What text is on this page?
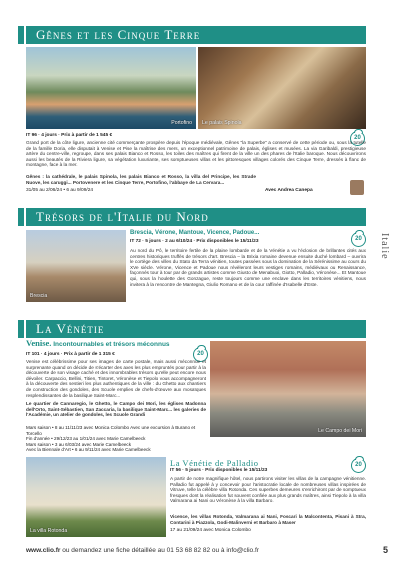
Italie
Gênes et les Cinque Terre
Portofino Le palais Spinola
IT 96 · 4 jours · Prix à partir de 1 545 €	20
Grand port de la côte ligure, ancienne cité commerçante prospère depuis l'époque médiévale, Gênes "la Superbe" a conservé de cette période ou, sous la tutelle de la famille Doria, elle disputait à Venise et Pise la maîtrise des mers, un exceptionnel patrimoine de palais, églises et musées. La via Garibaldi, prestigieuse artère du centre-ville, regroupe, dans ses palais Bianco et Rosso, les toiles des maîtres qui firent de la ville un des phares de l'Italie baroque. Nous découvrirons aussi les beautés de la Riviera ligure, sa végétation luxuriante, ses somptueuses villas et les pittoresques villages colorés des Cinque Terre, dressés à flanc de montagne, face à la mer.
Gênes : la cathédrale, le palais Spinola, les palais Bianco et Rosso, la villa del Principe, les Strade Nuove, les caruggi... Portovenere et les Cinque Terre, Portofino, l'abbaye de La Cervara...
31/05 au 2/06/24 • 6 au 9/09/24	Avec Andrea Canepa
Trésors de l'Italie du Nord
Brescia
Brescia, Vérone, Mantoue, Vicence, Padoue...
IT 72 · 5 jours · 2 au 6/10/24 · Prix disponibles le 15/11/23	20
Au nord du Pô, le territoire fertile de la plaine lombarde et de la Vénétie a vu l'éclosion de brillantes cités aux centres historiques truffés de trésors d'art. Brescia – la Brixia romaine devenue ensuite duché lombard – ouvrira le cortège des villes du Stato da Terra vénitien, toutes passées sous la domination de la Sérénissime au cours du XVe siècle. Vérone, Vicence et Padoue nous révèleront leurs vestiges romains, médiévaux ou Renaissance, façonnés tour à tour par de grands artistes comme Giusto de Menabuoi, Giotto, Palladio, Véronèse... Et Mantoue qui, sous la houlette des Gonzague, reste toujours comme une enclave dans les territoires vénitiens, nous invitera à la rencontre de Mantegna, Giulio Romano et de la cour raffinée d'Isabelle d'Este.
La Vénétie
Venise. Incontournables et trésors méconnus
IT 101 · 4 jours · Prix à partir de 1 315 €	20
Venise est célébrissime pour ses images de carte postale, mais aussi méconnue et surprenante quand on décide de s'écarter des axes les plus empruntés pour partir à la découverte de son visage caché et des innombrables trésors qu'elle peut encore nous dévoiler. Carpaccio, Bellini, Titien, Tintoret, Véronèse et Tiepolo vous accompagneront à la découverte des sestieri les plus authentiques de la ville : du Ghetto aux chantiers de construction des gondoles, des Scuole emplies de chefs-d'œuvre aux mosaïques resplendissantes de la basilique Saint-Marc...
Le quartier de Cannaregio, le Ghetto, le Campo dei Mori, les églises Madonna dell'Orto, Saint-Sébastien, San Zaccaria, la basilique Saint-Marc... les galeries de l'Académie, un atelier de gondoles, les Scuole Grandi
Mars saison • 8 au 11/11/23 avec Monica Colombo Avec une excursion à Burano et Torcello
Fin d'année • 29/12/23 au 1/01/24 avec Marie Camelbeeck
Mars saison • 3 au 6/03/24 avec Marie Camelbeeck
Avec la Biennale d'Art • 6 au 9/11/24 avec Marie Camelbeeck
Le Campo dei Mori
La villa Rotonda
La Vénétie de Palladio
IT 56 · 5 jours · Prix disponibles le 15/11/23
20
A partir de notre magnifique hôtel, nous partirons visiter les villas de la campagne vénitienne. Palladio fut appelé à y concevoir pour l'aristocratie locale de nombreuses villas inspirées de Vitruve, telle la célèbre villa Rotonda. Ces superbes demeures s'enrichiront par de somptueux fresques dont la réalisation fut souvent confiée aux plus grands maîtres, ainsi Tiepolo à la villa Valmarana ai Nani ou Véronèse à la villa Barbaro.
Vicence, les villas Rotonda, Valmarana ai Nani, Foscari la Malcontenta, Pisani à Stra, Contarini à Piazzola, Godi-Malinverni et Barbaro à Maser
17 au 21/09/24 avec Monica Colombo
www.clio.fr ou demandez une fiche détaillée au 01 53 68 82 82 ou à info@clio.fr	5
